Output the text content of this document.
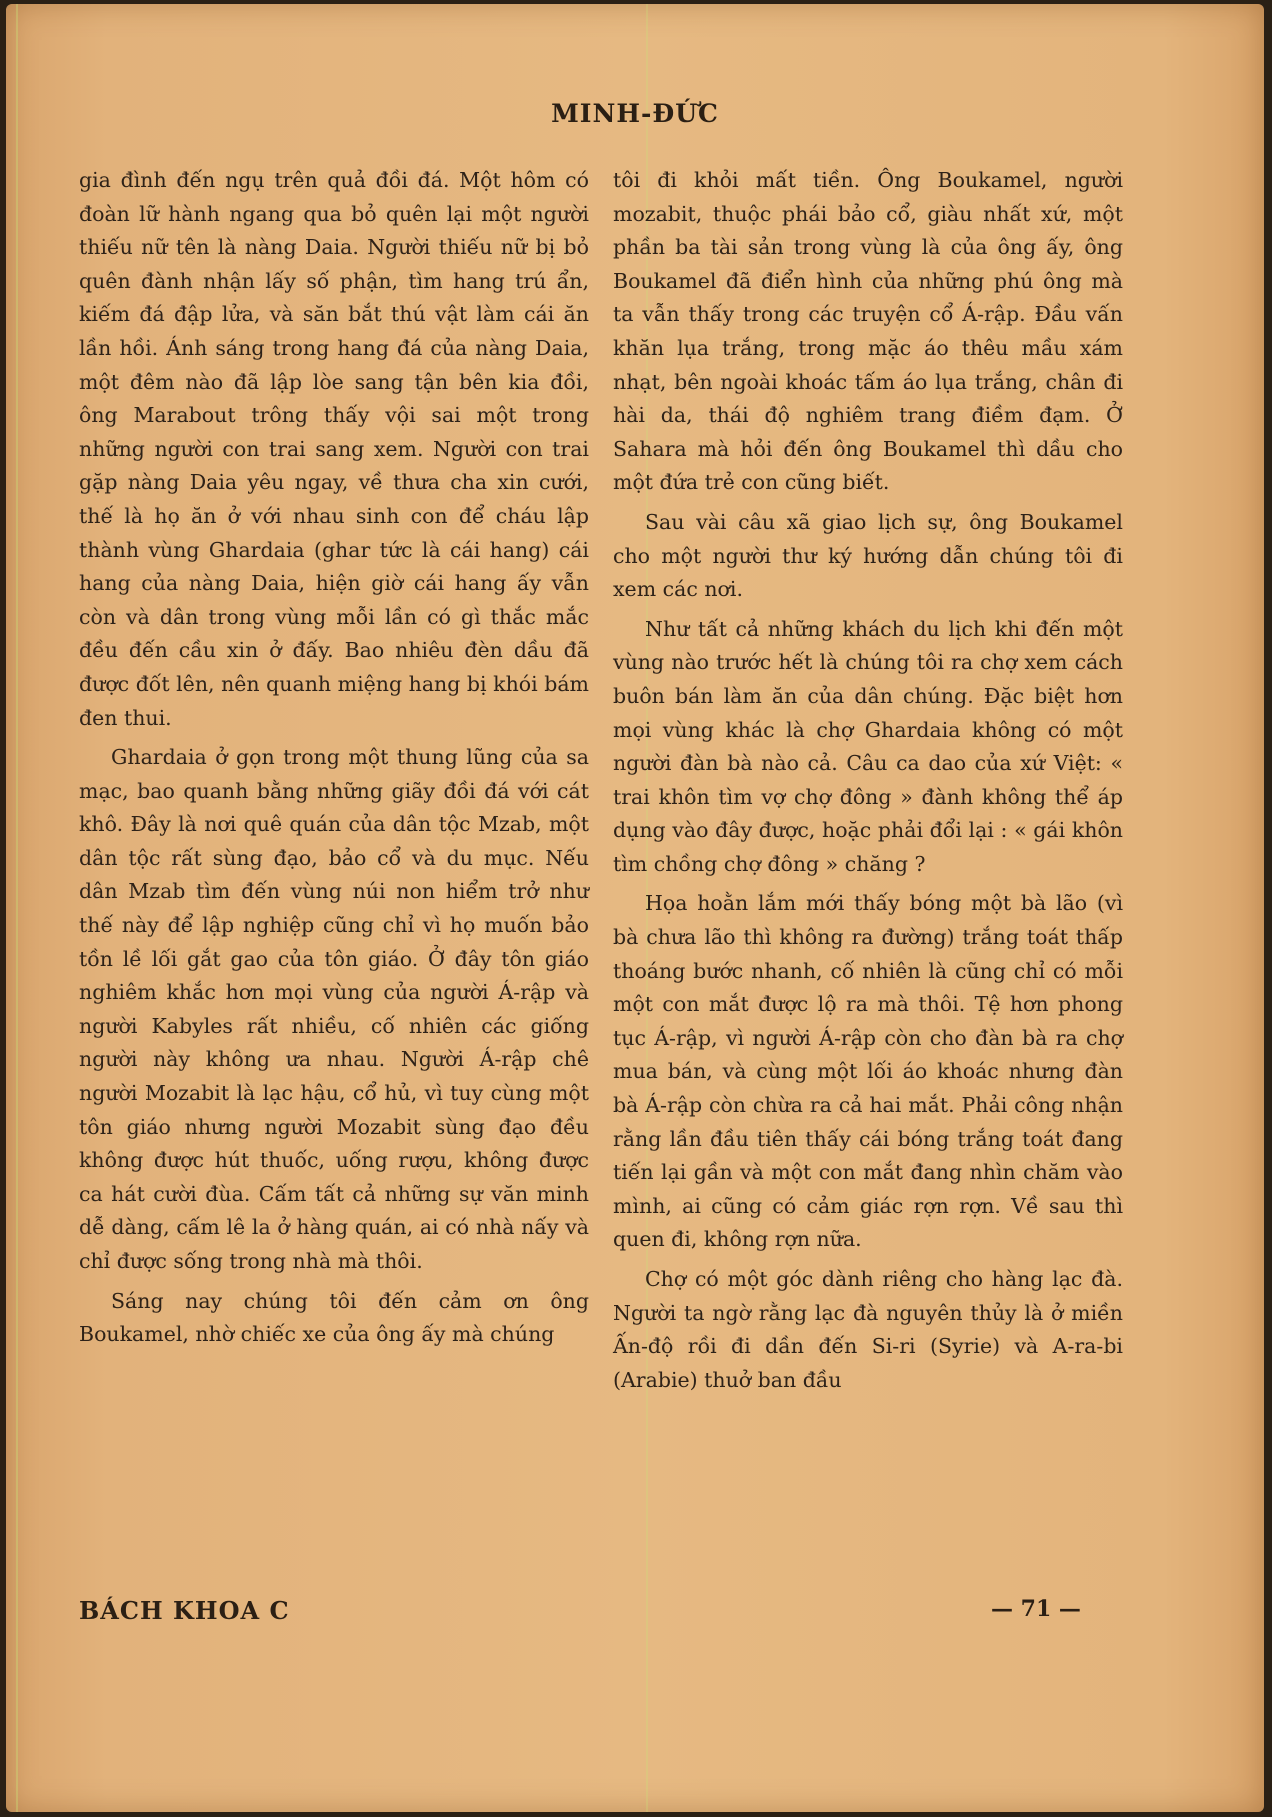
MINH-ĐỨC

gia đình đến ngụ trên quả đồi đá. Một hôm có đoàn lữ hành ngang qua bỏ quên lại một người thiếu nữ tên là nàng Daia. Người thiếu nữ bị bỏ quên đành nhận lấy số phận, tìm hang trú ẩn, kiếm đá đập lửa, và săn bắt thú vật làm cái ăn lần hồi. Ánh sáng trong hang đá của nàng Daia, một đêm nào đã lập lòe sang tận bên kia đồi, ông Marabout trông thấy vội sai một trong những người con trai sang xem. Người con trai gặp nàng Daia yêu ngay, về thưa cha xin cưới, thế là họ ăn ở với nhau sinh con để cháu lập thành vùng Ghardaia (ghar tức là cái hang) cái hang của nàng Daia, hiện giờ cái hang ấy vẫn còn và dân trong vùng mỗi lần có gì thắc mắc đều đến cầu xin ở đấy. Bao nhiêu đèn dầu đã được đốt lên, nên quanh miệng hang bị khói bám đen thui.

Ghardaia ở gọn trong một thung lũng của sa mạc, bao quanh bằng những giãy đồi đá với cát khô. Đây là nơi quê quán của dân tộc Mzab, một dân tộc rất sùng đạo, bảo cổ và du mục. Nếu dân Mzab tìm đến vùng núi non hiểm trở như thế này để lập nghiệp cũng chỉ vì họ muốn bảo tồn lề lối gắt gao của tôn giáo. Ở đây tôn giáo nghiêm khắc hơn mọi vùng của người Á-rập và người Kabyles rất nhiều, cố nhiên các giống người này không ưa nhau. Người Á-rập chê người Mozabit là lạc hậu, cổ hủ, vì tuy cùng một tôn giáo nhưng người Mozabit sùng đạo đều không được hút thuốc, uống rượu, không được ca hát cười đùa. Cấm tất cả những sự văn minh dễ dàng, cấm lê la ở hàng quán, ai có nhà nấy và chỉ được sống trong nhà mà thôi.

Sáng nay chúng tôi đến cảm ơn ông Boukamel, nhờ chiếc xe của ông ấy mà chúng

tôi đi khỏi mất tiền. Ông Boukamel, người mozabit, thuộc phái bảo cổ, giàu nhất xứ, một phần ba tài sản trong vùng là của ông ấy, ông Boukamel đã điển hình của những phú ông mà ta vẫn thấy trong các truyện cổ Á-rập. Đầu vấn khăn lụa trắng, trong mặc áo thêu mầu xám nhạt, bên ngoài khoác tấm áo lụa trắng, chân đi hài da, thái độ nghiêm trang điềm đạm. Ở Sahara mà hỏi đến ông Boukamel thì dầu cho một đứa trẻ con cũng biết.

Sau vài câu xã giao lịch sự, ông Boukamel cho một người thư ký hướng dẫn chúng tôi đi xem các nơi.

Như tất cả những khách du lịch khi đến một vùng nào trước hết là chúng tôi ra chợ xem cách buôn bán làm ăn của dân chúng. Đặc biệt hơn mọi vùng khác là chợ Ghardaia không có một người đàn bà nào cả. Câu ca dao của xứ Việt: « trai khôn tìm vợ chợ đông » đành không thể áp dụng vào đây được, hoặc phải đổi lại : « gái khôn tìm chồng chợ đông » chăng ?

Họa hoằn lắm mới thấy bóng một bà lão (vì bà chưa lão thì không ra đường) trắng toát thấp thoáng bước nhanh, cố nhiên là cũng chỉ có mỗi một con mắt được lộ ra mà thôi. Tệ hơn phong tục Á-rập, vì người Á-rập còn cho đàn bà ra chợ mua bán, và cùng một lối áo khoác nhưng đàn bà Á-rập còn chừa ra cả hai mắt. Phải công nhận rằng lần đầu tiên thấy cái bóng trắng toát đang tiến lại gần và một con mắt đang nhìn chăm vào mình, ai cũng có cảm giác rợn rợn. Về sau thì quen đi, không rợn nữa.

Chợ có một góc dành riêng cho hàng lạc đà. Người ta ngờ rằng lạc đà nguyên thủy là ở miền Ấn-độ rồi đi dần đến Si-ri (Syrie) và A-ra-bi (Arabie) thuở ban đầu

BÁCH KHOA C	— 71 —
